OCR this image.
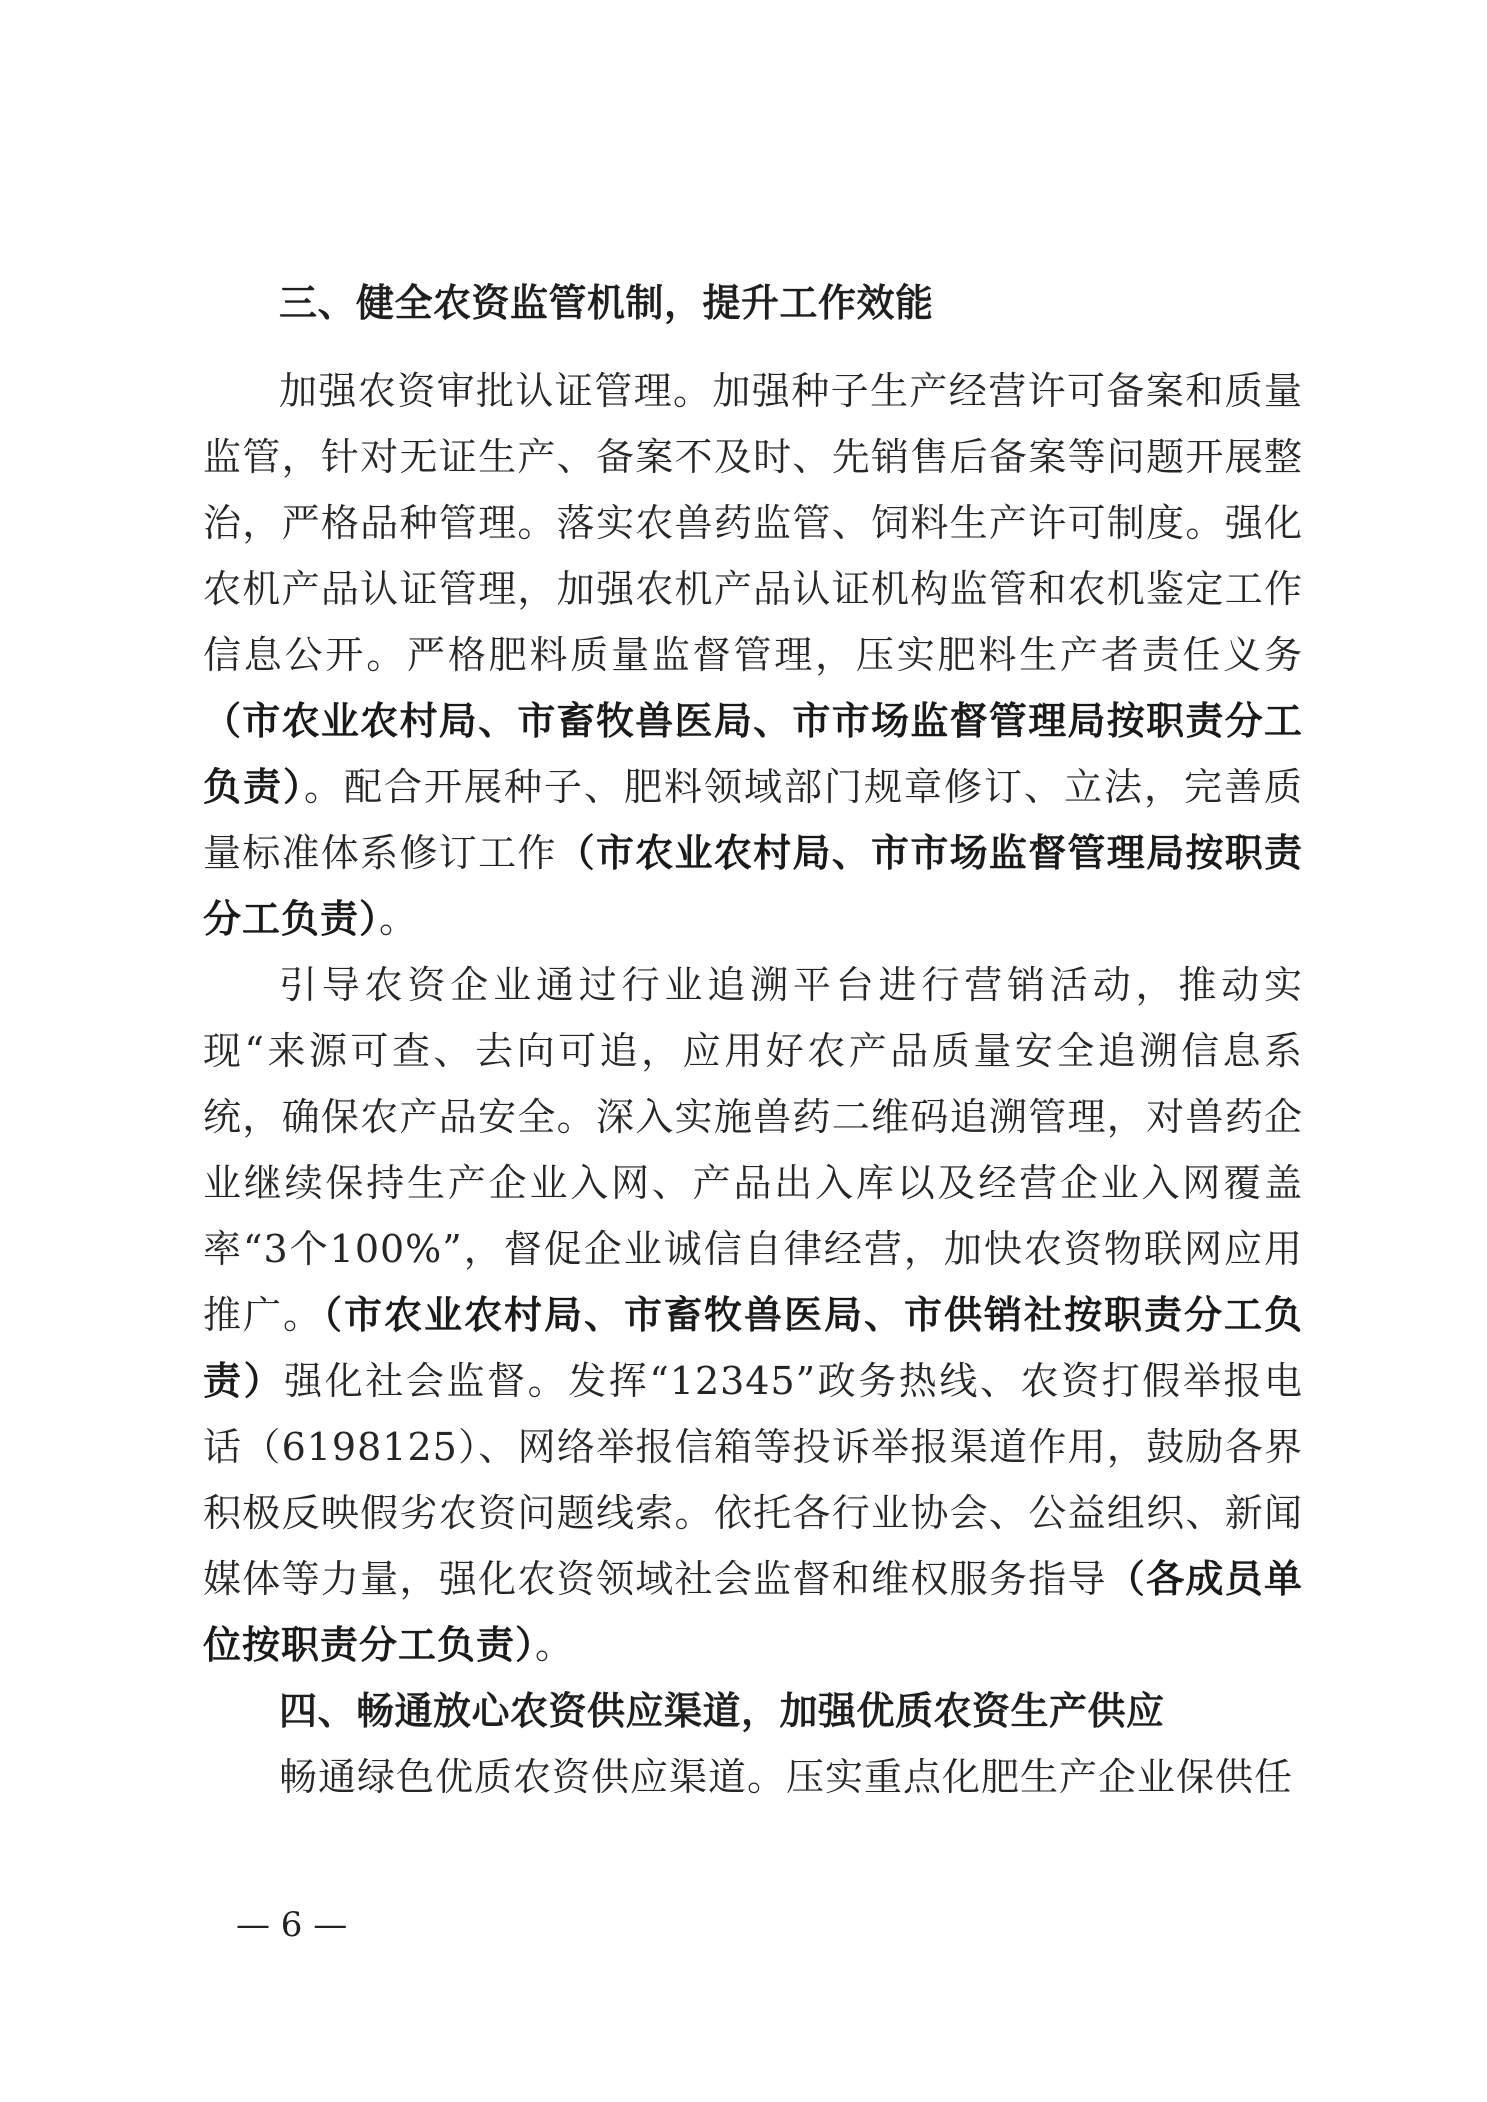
三、健全农资监管机制，提升工作效能

加强农资审批认证管理。加强种子生产经营许可备案和质量监管，针对无证生产、备案不及时、先销售后备案等问题开展整治，严格品种管理。落实农兽药监管、饲料生产许可制度。强化农机产品认证管理，加强农机产品认证机构监管和农机鉴定工作信息公开。严格肥料质量监督管理，压实肥料生产者责任义务（市农业农村局、市畜牧兽医局、市市场监督管理局按职责分工负责）。配合开展种子、肥料领域部门规章修订、立法，完善质量标准体系修订工作（市农业农村局、市市场监督管理局按职责分工负责）。

引导农资企业通过行业追溯平台进行营销活动，推动实现“来源可查、去向可追，应用好农产品质量安全追溯信息系统，确保农产品安全。深入实施兽药二维码追溯管理，对兽药企业继续保持生产企业入网、产品出入库以及经营企业入网覆盖率“3个100%”，督促企业诚信自律经营，加快农资物联网应用推广。（市农业农村局、市畜牧兽医局、市供销社按职责分工负责）强化社会监督。发挥“12345”政务热线、农资打假举报电话（6198125）、网络举报信箱等投诉举报渠道作用，鼓励各界积极反映假劣农资问题线索。依托各行业协会、公益组织、新闻媒体等力量，强化农资领域社会监督和维权服务指导（各成员单位按职责分工负责）。

四、畅通放心农资供应渠道，加强优质农资生产供应

畅通绿色优质农资供应渠道。压实重点化肥生产企业保供任

— 6 —
